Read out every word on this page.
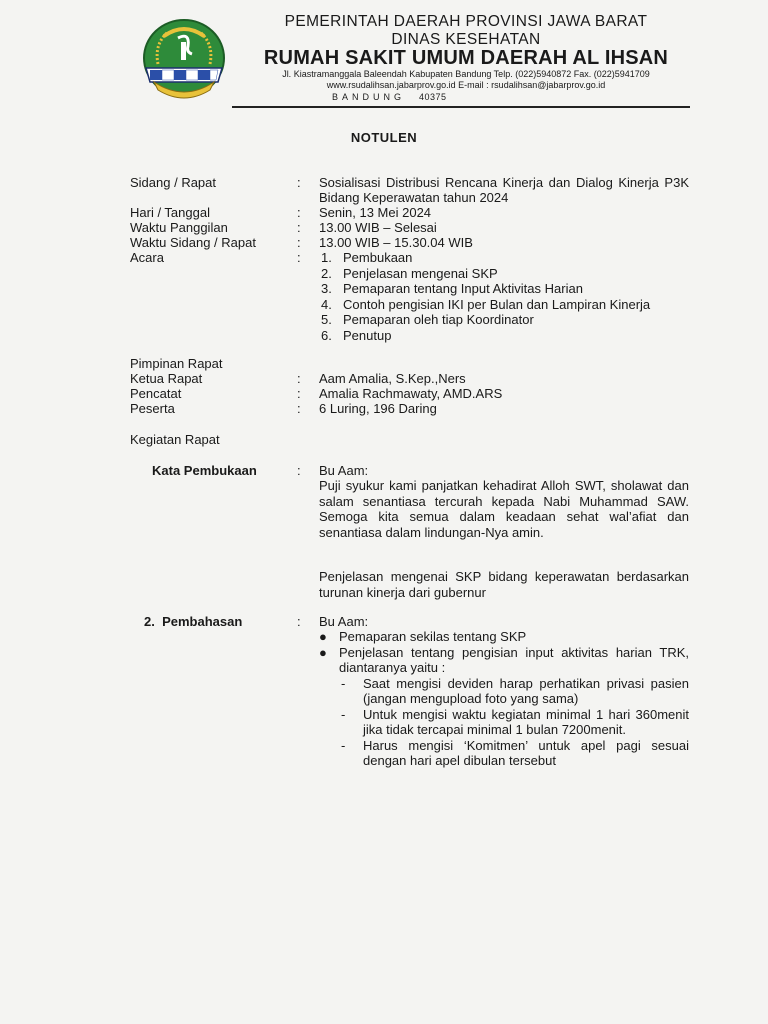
PEMERINTAH DAERAH PROVINSI JAWA BARAT
DINAS KESEHATAN
RUMAH SAKIT UMUM DAERAH AL IHSAN
Jl. Kiastramanggala Baleendah Kabupaten Bandung Telp. (022)5940872 Fax. (022)5941709
www.rsudalihsan.jabarprov.go.id E-mail : rsudalihsan@jabarprov.go.id
BANDUNG 40375
NOTULEN
Sidang / Rapat	: Sosialisasi Distribusi Rencana Kinerja dan Dialog Kinerja P3K Bidang Keperawatan tahun 2024
Hari / Tanggal	: Senin, 13 Mei 2024
Waktu Panggilan	: 13.00 WIB – Selesai
Waktu Sidang / Rapat	: 13.00 WIB – 15.30.04 WIB
Acara	: 1. Pembukaan
2. Penjelasan mengenai SKP
3. Pemaparan tentang Input Aktivitas Harian
4. Contoh pengisian IKI per Bulan dan Lampiran Kinerja
5. Pemaparan oleh tiap Koordinator
6. Penutup
Pimpinan Rapat
Ketua Rapat	: Aam Amalia, S.Kep.,Ners
Pencatat	: Amalia Rachmawaty, AMD.ARS
Peserta	: 6 Luring, 196 Daring
Kegiatan Rapat
Kata Pembukaan	: Bu Aam:
Puji syukur kami panjatkan kehadirat Alloh SWT, sholawat dan salam senantiasa tercurah kepada Nabi Muhammad SAW. Semoga kita semua dalam keadaan sehat wal’afiat dan senantiasa dalam lindungan-Nya amin.
Penjelasan mengenai SKP bidang keperawatan berdasarkan turunan kinerja dari gubernur
2. Pembahasan	: Bu Aam:
● Pemaparan sekilas tentang SKP
● Penjelasan tentang pengisian input aktivitas harian TRK, diantaranya yaitu :
- Saat mengisi deviden harap perhatikan privasi pasien (jangan mengupload foto yang sama)
- Untuk mengisi waktu kegiatan minimal 1 hari 360menit jika tidak tercapai minimal 1 bulan 7200menit.
- Harus mengisi ‘Komitmen’ untuk apel pagi sesuai dengan hari apel dibulan tersebut
